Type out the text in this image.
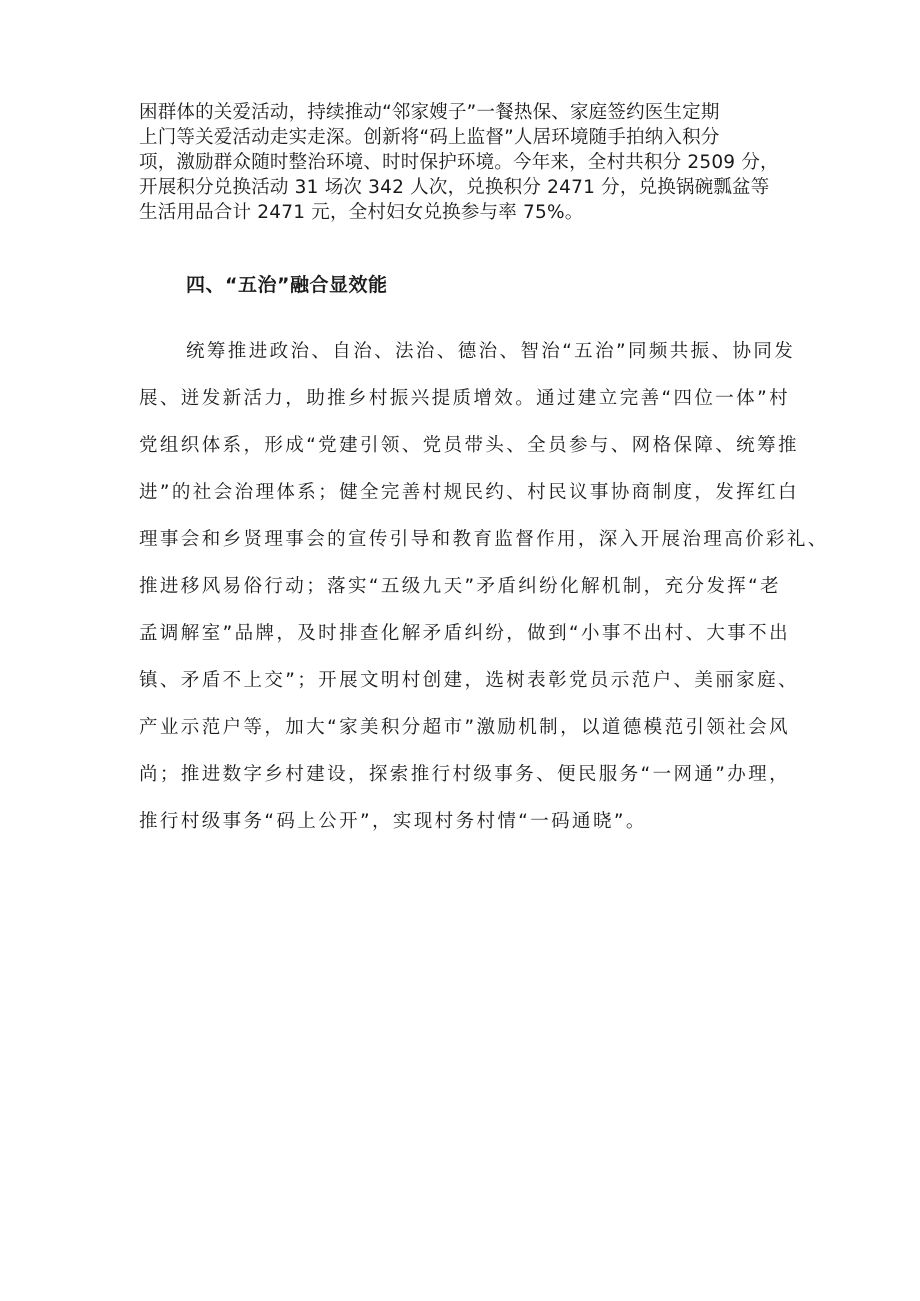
困群体的关爱活动，持续推动“邻家嫂子”一餐热保、家庭签约医生定期
上门等关爱活动走实走深。创新将“码上监督”人居环境随手拍纳入积分
项，激励群众随时整治环境、时时保护环境。今年来，全村共积分 2509 分，
开展积分兑换活动 31 场次 342 人次，兑换积分 2471 分，兑换锅碗瓢盆等
生活用品合计 2471 元，全村妇女兑换参与率 75%。

四、“五治”融合显效能

统筹推进政治、自治、法治、德治、智治“五治”同频共振、协同发
展、迸发新活力，助推乡村振兴提质增效。通过建立完善“四位一体”村
党组织体系，形成“党建引领、党员带头、全员参与、网格保障、统筹推
进”的社会治理体系；健全完善村规民约、村民议事协商制度，发挥红白
理事会和乡贤理事会的宣传引导和教育监督作用，深入开展治理高价彩礼、
推进移风易俗行动；落实“五级九天”矛盾纠纷化解机制，充分发挥“老
孟调解室”品牌，及时排查化解矛盾纠纷，做到“小事不出村、大事不出
镇、矛盾不上交”；开展文明村创建，选树表彰党员示范户、美丽家庭、
产业示范户等，加大“家美积分超市”激励机制，以道德模范引领社会风
尚；推进数字乡村建设，探索推行村级事务、便民服务“一网通”办理，
推行村级事务“码上公开”，实现村务村情“一码通晓”。
